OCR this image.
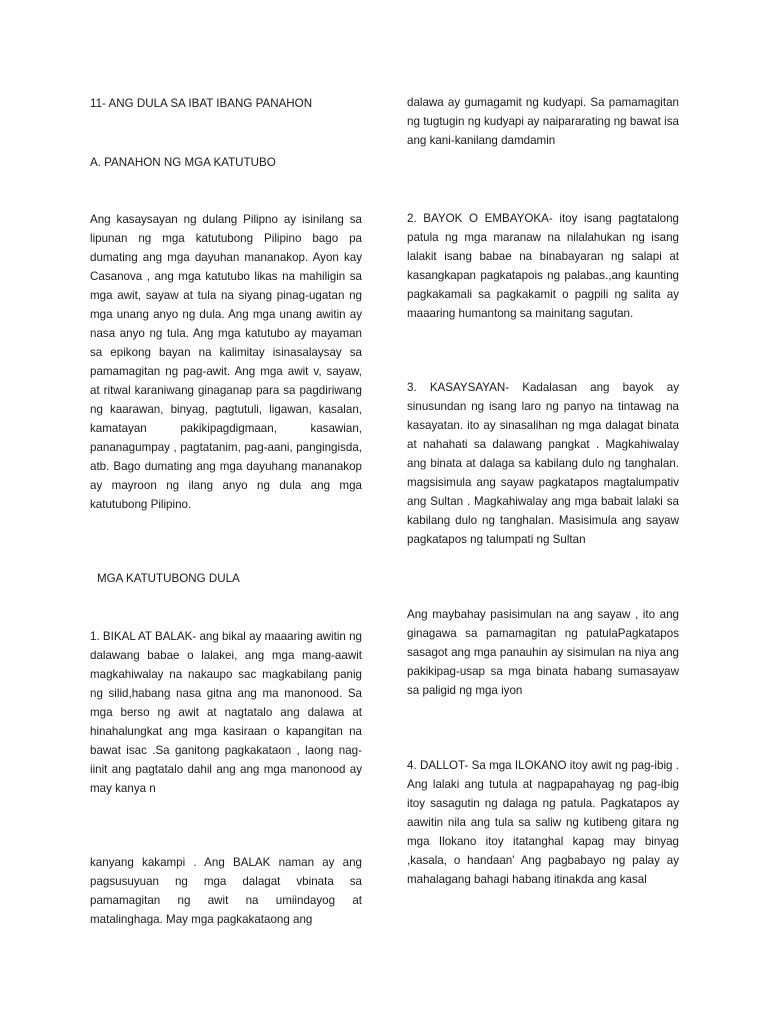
11- ANG DULA SA IBAT IBANG PANAHON
A. PANAHON NG MGA KATUTUBO

Ang kasaysayan ng dulang Pilipno ay isinilang sa lipunan ng mga katutubong Pilipino bago pa dumating ang mga dayuhan mananakop. Ayon kay Casanova , ang mga katutubo likas na mahiligin sa mga awit, sayaw at tula na siyang pinag-ugatan ng mga unang anyo ng dula. Ang mga unang awitin ay nasa anyo ng tula. Ang mga katutubo ay mayaman sa epikong bayan na kalimitay isinasalaysay sa pamamagitan ng pag-awit. Ang mga awit v, sayaw, at ritwal karaniwang ginaganap para sa pagdiriwang ng kaarawan, binyag, pagtutuli, ligawan, kasalan, kamatayan pakikipagdigmaan, kasawian, pananagumpay , pagtatanim, pag-aani, pangingisda, atb. Bago dumating ang mga dayuhang mananakop ay mayroon ng ilang anyo ng dula ang mga katutubong Pilipino.

MGA KATUTUBONG DULA

1. BIKAL AT BALAK- ang bikal ay maaaring awitin ng dalawang babae o lalakei, ang mga mang-aawit magkahiwalay na nakaupo sac magkabilang panig ng silid,habang nasa gitna ang ma manonood. Sa mga berso ng awit at nagtatalo ang dalawa at hinahalungkat ang mga kasiraan o kapangitan na bawat isac .Sa ganitong pagkakataon , laong nag-iinit ang pagtatalo dahil ang ang mga manonood ay may kanya n

kanyang kakampi . Ang BALAK naman ay ang pagsusuyuan ng mga dalagat vbinata sa pamamagitan ng awit na umiindayog at matalinghaga. May mga pagkakataong ang

dalawa ay gumagamit ng kudyapi. Sa pamamagitan ng tugtugin ng kudyapi ay naipararating ng bawat isa ang kani-kanilang damdamin

2. BAYOK O EMBAYOKA- itoy isang pagtatalong patula ng mga maranaw na nilalahukan ng isang lalakit isang babae na binabayaran ng salapi at kasangkapan pagkatapois ng palabas.,ang kaunting pagkakamali sa pagkakamit o pagpili ng salita ay maaaring humantong sa mainitang sagutan.

3. KASAYSAYAN- Kadalasan ang bayok ay sinusundan ng isang laro ng panyo na tintawag na kasayatan. ito ay sinasalihan ng mga dalagat binata at nahahati sa dalawang pangkat . Magkahiwalay ang binata at dalaga sa kabilang dulo ng tanghalan. magsisimula ang sayaw pagkatapos magtalumpativ ang Sultan . Magkahiwalay ang mga babait lalaki sa kabilang dulo ng tanghalan. Masisimula ang sayaw pagkatapos ng talumpati ng Sultan

Ang maybahay pasisimulan na ang sayaw , ito ang ginagawa sa pamamagitan ng patulaPagkatapos sasagot ang mga panauhin ay sisimulan na niya ang pakikipag-usap sa mga binata habang sumasayaw sa paligid ng mga iyon

4. DALLOT- Sa mga ILOKANO itoy awit ng pag-ibig . Ang lalaki ang tutula at nagpapahayag ng pag-ibig itoy sasagutin ng dalaga ng patula. Pagkatapos ay aawitin nila ang tula sa saliw ng kutibeng gitara ng mga Ilokano itoy itatanghal kapag may binyag ,kasala, o handaan' Ang pagbabayo ng palay ay mahalagang bahagi habang itinakda ang kasal
